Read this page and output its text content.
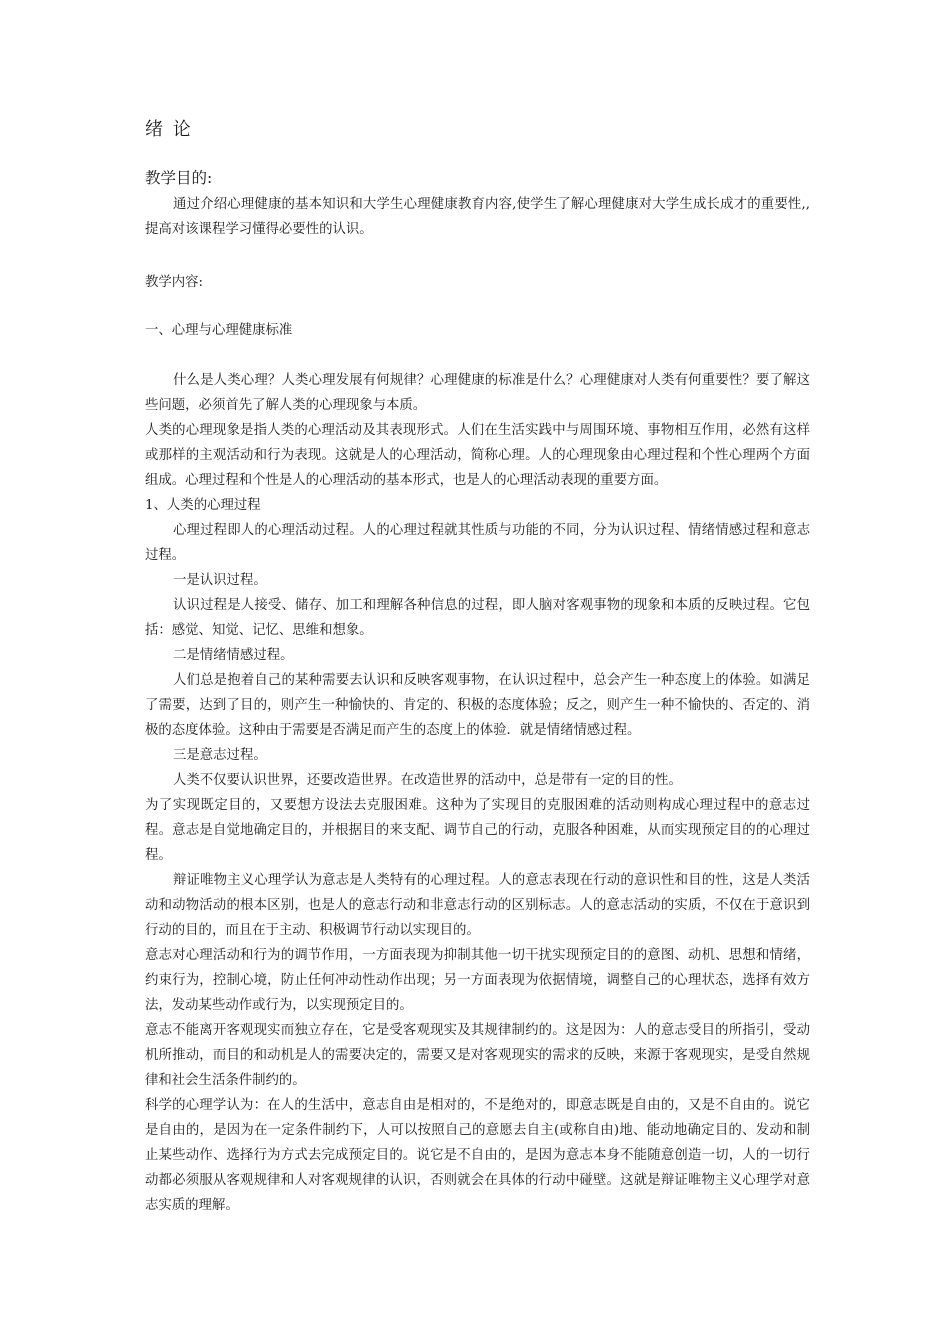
绪 论
教学目的:

通过介绍心理健康的基本知识和大学生心理健康教育内容,使学生了解心理健康对大学生成长成才的重要性,,提高对该课程学习懂得必要性的认识。

教学内容:
一、心理与心理健康标准

什么是人类心理？人类心理发展有何规律？心理健康的标准是什么？心理健康对人类有何重要性？要了解这些问题，必须首先了解人类的心理现象与本质。

人类的心理现象是指人类的心理活动及其表现形式。人们在生活实践中与周围环境、事物相互作用，必然有这样或那样的主观活动和行为表现。这就是人的心理活动，简称心理。人的心理现象由心理过程和个性心理两个方面组成。心理过程和个性是人的心理活动的基本形式，也是人的心理活动表现的重要方面。

1、人类的心理过程

心理过程即人的心理活动过程。人的心理过程就其性质与功能的不同，分为认识过程、情绪情感过程和意志过程。

一是认识过程。

认识过程是人接受、储存、加工和理解各种信息的过程，即人脑对客观事物的现象和本质的反映过程。它包括：感觉、知觉、记忆、思维和想象。

二是情绪情感过程。

人们总是抱着自己的某种需要去认识和反映客观事物，在认识过程中，总会产生一种态度上的体验。如满足了需要，达到了目的，则产生一种愉快的、肯定的、积极的态度体验；反之，则产生一种不愉快的、否定的、消极的态度体验。这种由于需要是否满足而产生的态度上的体验．就是情绪情感过程。

三是意志过程。

人类不仅要认识世界，还要改造世界。在改造世界的活动中，总是带有一定的目的性。

为了实现既定目的，又要想方设法去克服困难。这种为了实现目的克服困难的活动则构成心理过程中的意志过程。意志是自觉地确定目的，并根据目的来支配、调节自己的行动，克服各种困难，从而实现预定目的的心理过程。

辩证唯物主义心理学认为意志是人类特有的心理过程。人的意志表现在行动的意识性和目的性，这是人类活动和动物活动的根本区别，也是人的意志行动和非意志行动的区别标志。人的意志活动的实质，不仅在于意识到行动的目的，而且在于主动、积极调节行动以实现目的。

意志对心理活动和行为的调节作用，一方面表现为抑制其他一切干扰实现预定目的的意图、动机、思想和情绪，约束行为，控制心境，防止任何冲动性动作出现；另一方面表现为依据情境，调整自己的心理状态，选择有效方法，发动某些动作或行为，以实现预定目的。

意志不能离开客观现实而独立存在，它是受客观现实及其规律制约的。这是因为：人的意志受目的所指引，受动机所推动，而目的和动机是人的需要决定的，需要又是对客观现实的需求的反映，来源于客观现实，是受自然规律和社会生活条件制约的。

科学的心理学认为：在人的生活中，意志自由是相对的，不是绝对的，即意志既是自由的，又是不自由的。说它是自由的，是因为在一定条件制约下，人可以按照自己的意愿去自主(或称自由)地、能动地确定目的、发动和制止某些动作、选择行为方式去完成预定目的。说它是不自由的，是因为意志本身不能随意创造一切，人的一切行动都必须服从客观规律和人对客观规律的认识，否则就会在具体的行动中碰壁。这就是辩证唯物主义心理学对意志实质的理解。
